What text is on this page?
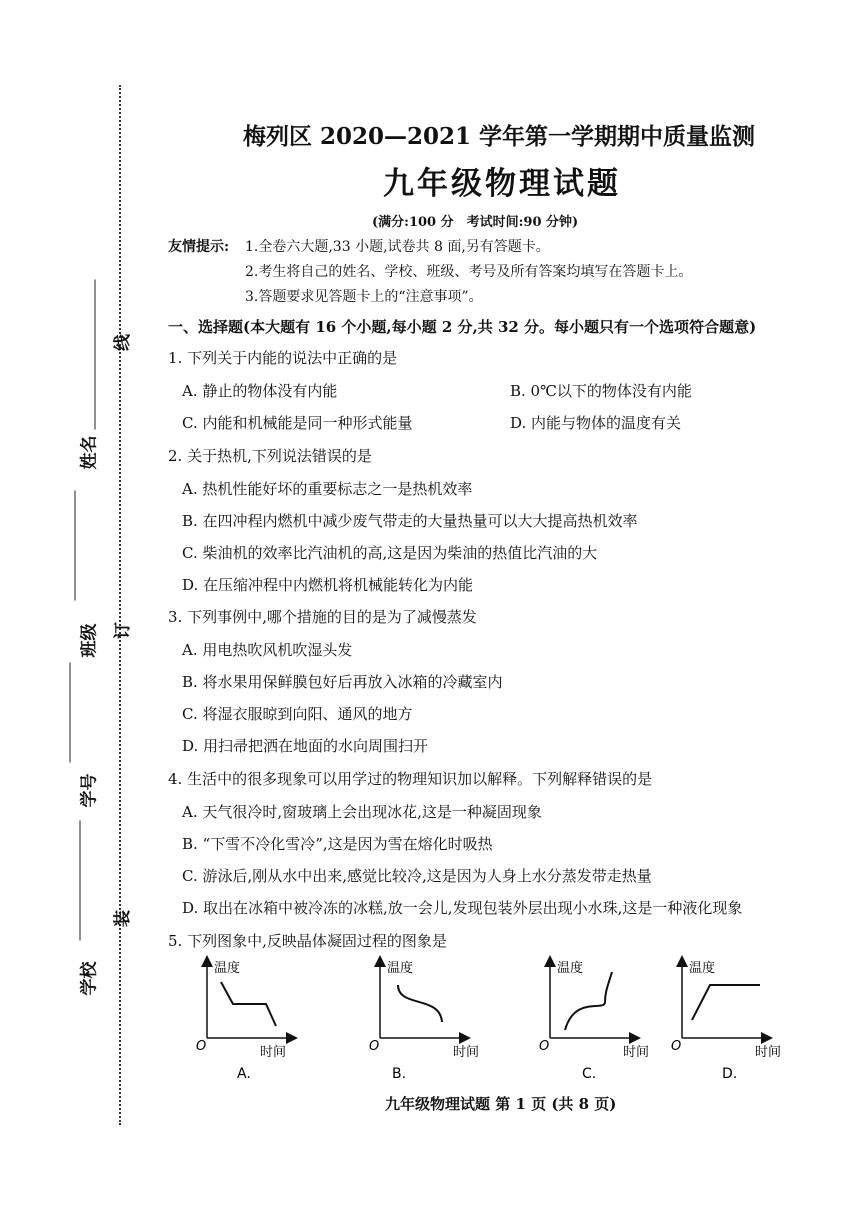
线
订
装
姓名
班级
学号
学校
梅列区 2020—2021 学年第一学期期中质量监测
九年级物理试题
(满分:100 分　考试时间:90 分钟)
友情提示: 1.全卷六大题,33 小题,试卷共 8 面,另有答题卡。
2.考生将自己的姓名、学校、班级、考号及所有答案均填写在答题卡上。
3.答题要求见答题卡上的“注意事项”。
一、选择题(本大题有 16 个小题,每小题 2 分,共 32 分。每小题只有一个选项符合题意)
1. 下列关于内能的说法中正确的是
A. 静止的物体没有内能	B. 0℃以下的物体没有内能
C. 内能和机械能是同一种形式能量	D. 内能与物体的温度有关
2. 关于热机,下列说法错误的是
A. 热机性能好坏的重要标志之一是热机效率
B. 在四冲程内燃机中减少废气带走的大量热量可以大大提高热机效率
C. 柴油机的效率比汽油机的高,这是因为柴油的热值比汽油的大
D. 在压缩冲程中内燃机将机械能转化为内能
3. 下列事例中,哪个措施的目的是为了减慢蒸发
A. 用电热吹风机吹湿头发
B. 将水果用保鲜膜包好后再放入冰箱的冷藏室内
C. 将湿衣服晾到向阳、通风的地方
D. 用扫帚把洒在地面的水向周围扫开
4. 生活中的很多现象可以用学过的物理知识加以解释。下列解释错误的是
A. 天气很冷时,窗玻璃上会出现冰花,这是一种凝固现象
B. “下雪不冷化雪冷”,这是因为雪在熔化时吸热
C. 游泳后,刚从水中出来,感觉比较冷,这是因为人身上水分蒸发带走热量
D. 取出在冰箱中被冷冻的冰糕,放一会儿,发现包装外层出现小水珠,这是一种液化现象
5. 下列图象中,反映晶体凝固过程的图象是
温度
时间
O
A.
温度
时间
O
B.
温度
时间
O
C.
温度
时间
O
D.
九年级物理试题 第 1 页 (共 8 页)
